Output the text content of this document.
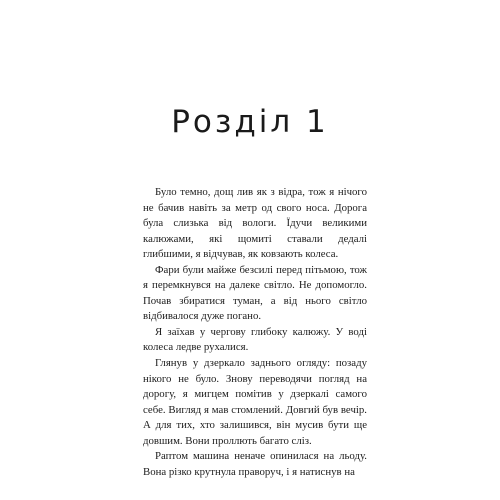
Розділ 1

Було темно, дощ лив як з відра, тож я нічого не бачив навіть за метр од свого носа. Дорога була слизька від вологи. Їдучи великими калюжами, які щомиті ставали дедалі глибшими, я відчував, як ковзають колеса.

Фари були майже безсилі перед пітьмою, тож я перемкнувся на далеке світло. Не допомогло. Почав збиратися туман, а від нього світло відбивалося дуже погано.

Я заїхав у чергову глибоку калюжу. У воді колеса ледве рухалися.

Глянув у дзеркало заднього огляду: позаду нікого не було. Знову переводячи погляд на дорогу, я мигцем помітив у дзеркалі самого себе. Вигляд я мав стомлений. Довгий був вечір. А для тих, хто залишився, він мусив бути ще довшим. Вони проллють багато сліз.

Раптом машина неначе опинилася на льоду. Вона різко крутнула праворуч, і я натиснув на
